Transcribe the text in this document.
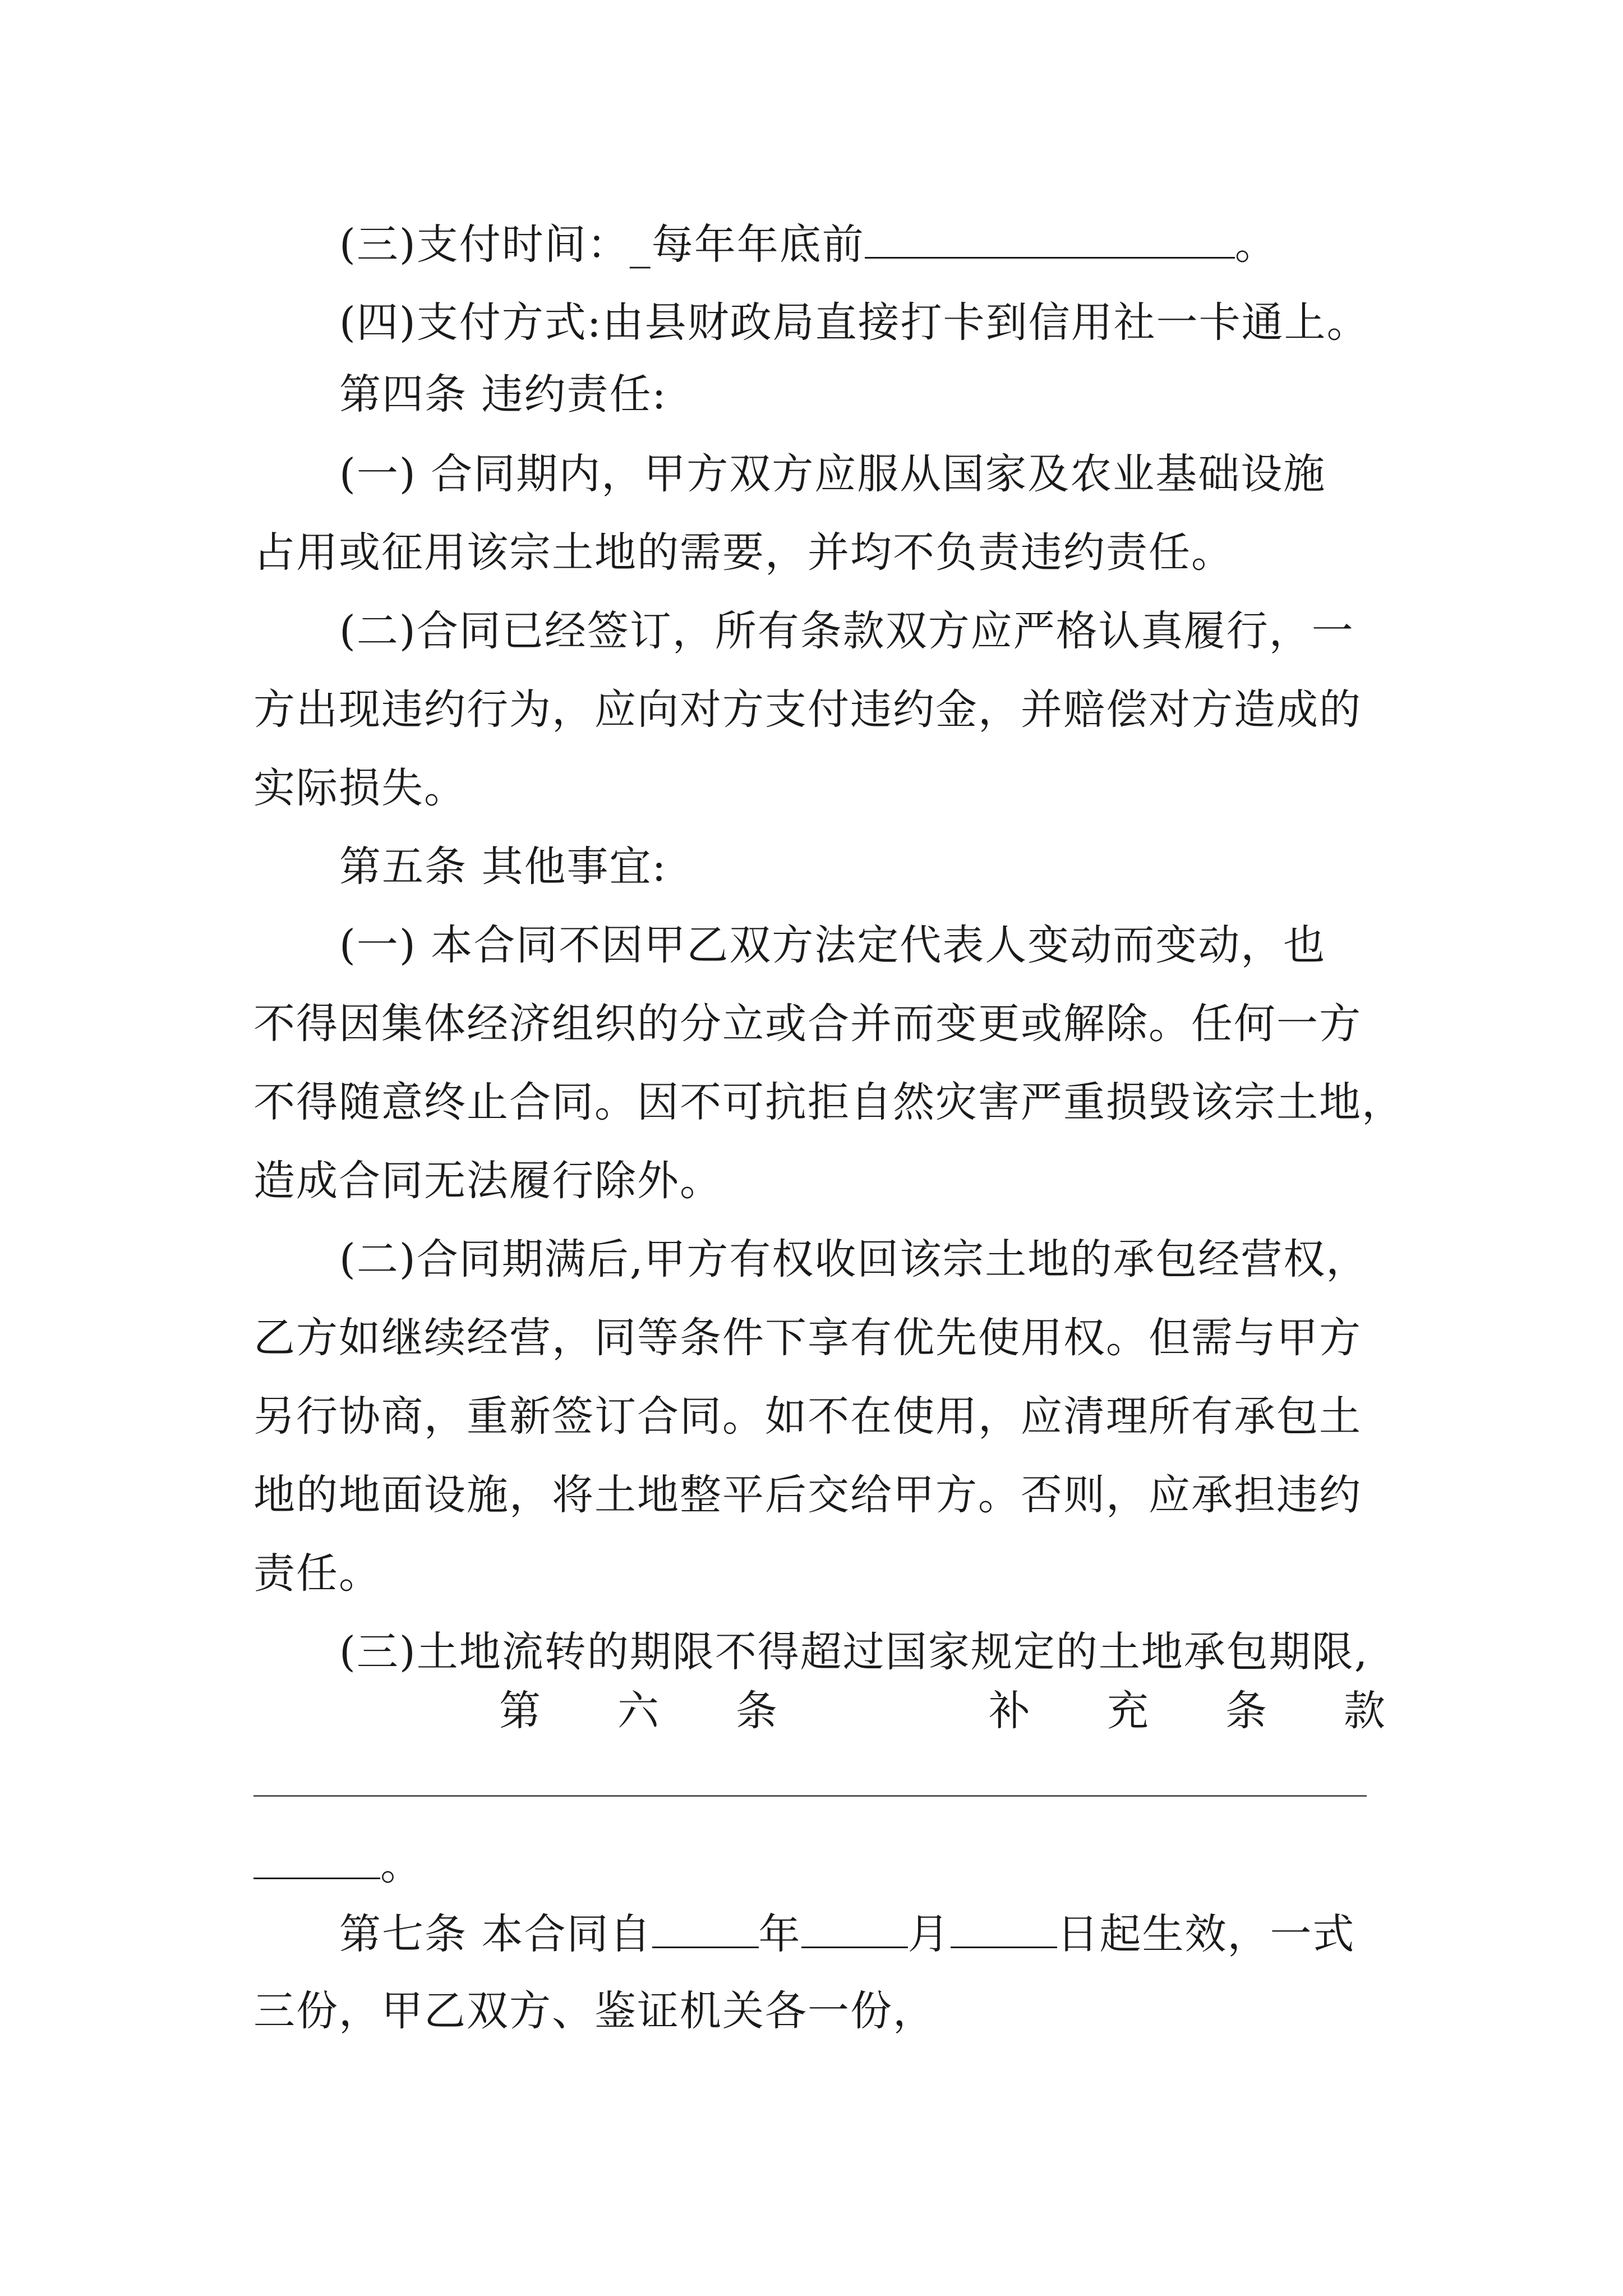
(三)支付时间：_每年年底前	。
(四)支付方式:由县财政局直接打卡到信用社一卡通上。
第四条 违约责任:
(一) 合同期内，甲方双方应服从国家及农业基础设施
占用或征用该宗土地的需要，并均不负责违约责任。
(二)合同已经签订，所有条款双方应严格认真履行，一
方出现违约行为，应向对方支付违约金，并赔偿对方造成的
实际损失。
第五条 其他事宜:
(一) 本合同不因甲乙双方法定代表人变动而变动，也
不得因集体经济组织的分立或合并而变更或解除。任何一方
不得随意终止合同。因不可抗拒自然灾害严重损毁该宗土地，
造成合同无法履行除外。
(二)合同期满后,甲方有权收回该宗土地的承包经营权，
乙方如继续经营，同等条件下享有优先使用权。但需与甲方
另行协商，重新签订合同。如不在使用，应清理所有承包土
地的地面设施，将土地整平后交给甲方。否则，应承担违约
责任。
(三)土地流转的期限不得超过国家规定的土地承包期限,
第 六 条	补 充 条 款
。
第七条 本合同自	年	月	日起生效，一式
三份，甲乙双方、鉴证机关各一份，
